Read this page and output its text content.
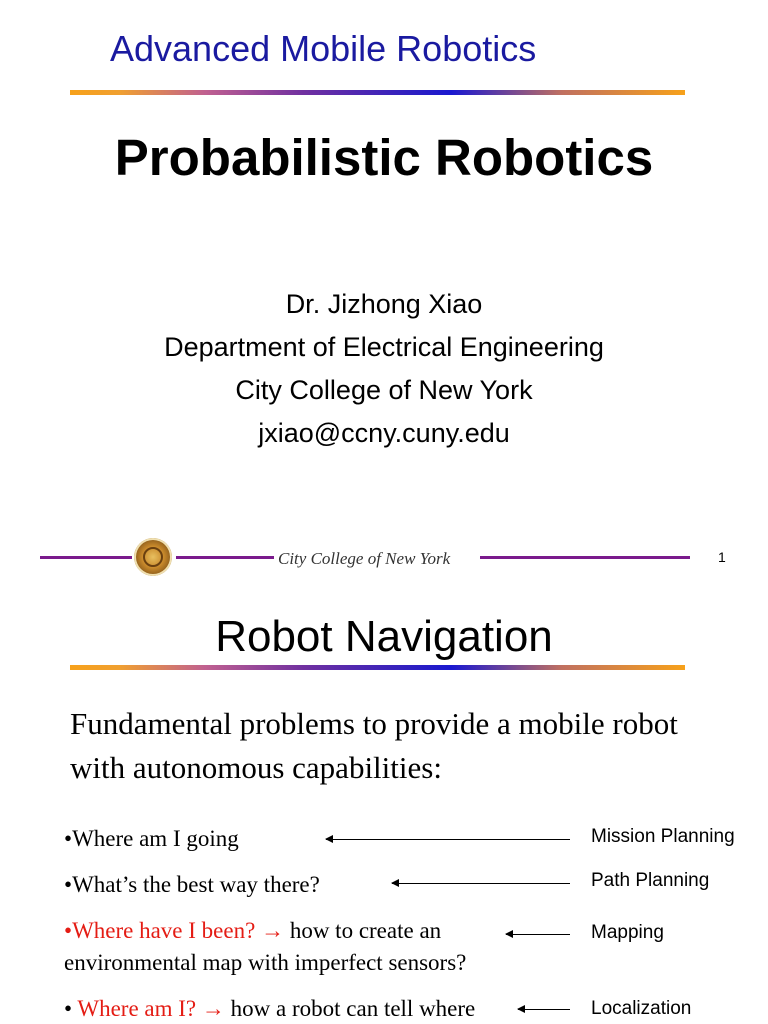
Advanced Mobile Robotics
Probabilistic Robotics
Dr. Jizhong Xiao
Department of Electrical Engineering
City College of New York
jxiao@ccny.cuny.edu
City College of New York	1
Robot Navigation
Fundamental problems to provide a mobile robot with autonomous capabilities:
•Where am I going	Mission Planning
•What’s the best way there?	Path Planning
•Where have I been? → how to create an
environmental map with imperfect sensors?
Mapping
• Where am I? → how a robot can tell where	Localization
